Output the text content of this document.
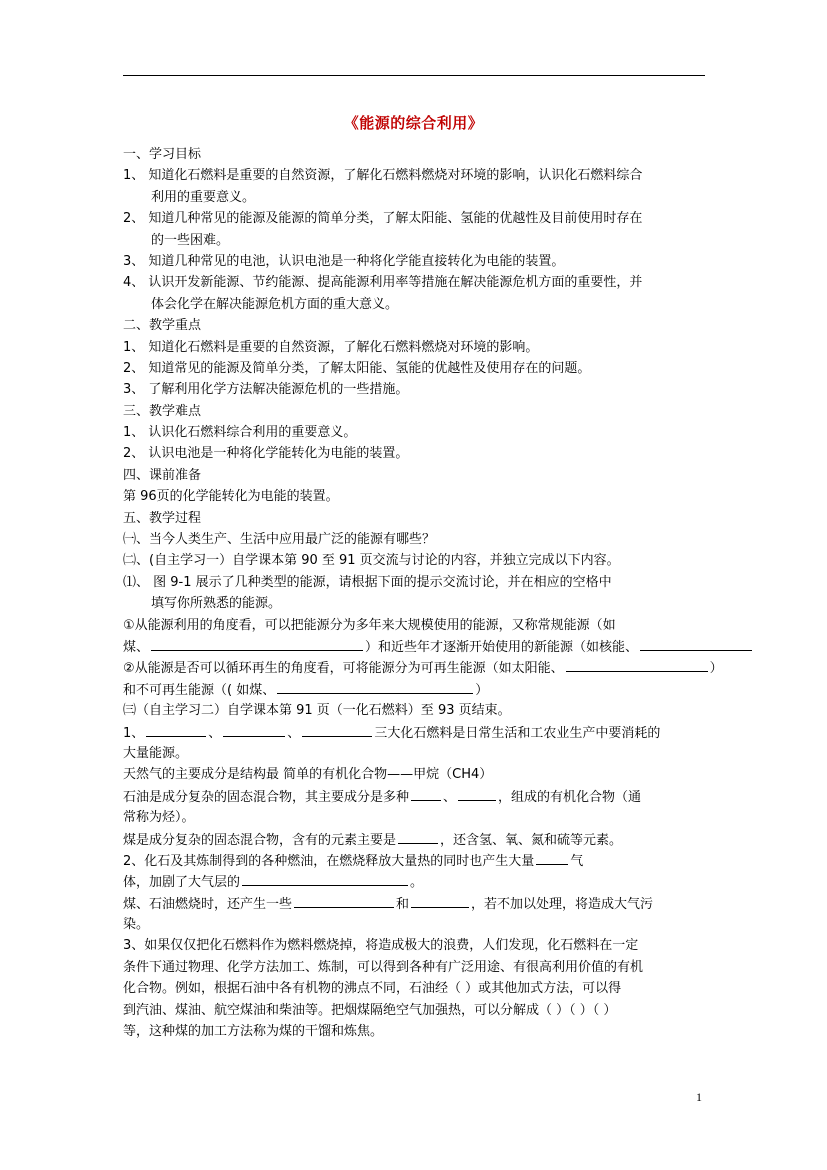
《能源的综合利用》
一、学习目标
1、 知道化石燃料是重要的自然资源，了解化石燃料燃烧对环境的影响，认识化石燃料综合
利用的重要意义。
2、 知道几种常见的能源及能源的简单分类，了解太阳能、氢能的优越性及目前使用时存在
的一些困难。
3、 知道几种常见的电池，认识电池是一种将化学能直接转化为电能的装置。
4、 认识开发新能源、节约能源、提高能源利用率等措施在解决能源危机方面的重要性，并
体会化学在解决能源危机方面的重大意义。
二、教学重点
1、 知道化石燃料是重要的自然资源，了解化石燃料燃烧对环境的影响。
2、 知道常见的能源及简单分类，了解太阳能、氢能的优越性及使用存在的问题。
3、 了解利用化学方法解决能源危机的一些措施。
三、教学难点
1、 认识化石燃料综合利用的重要意义。
2、 认识电池是一种将化学能转化为电能的装置。
四、课前准备
第 96页的化学能转化为电能的装置。
五、教学过程
㈠、当今人类生产、生活中应用最广泛的能源有哪些？
㈡、(自主学习一）自学课本第 90 至 91 页交流与讨论的内容，并独立完成以下内容。
⑴、 图 9-1 展示了几种类型的能源，请根据下面的提示交流讨论，并在相应的空格中
填写你所熟悉的能源。
①从能源利用的角度看，可以把能源分为多年来大规模使用的能源，又称常规能源（如
煤、	）和近些年才逐渐开始使用的新能源（如核能、
②从能源是否可以循环再生的角度看，可将能源分为可再生能源（如太阳能、	）
和不可再生能源（( 如煤、	）
㈢（自主学习二）自学课本第 91 页（一化石燃料）至 93 页结束。
1、	、	、	三大化石燃料是日常生活和工农业生产中要消耗的
大量能源。
天然气的主要成分是结构最 简单的有机化合物——甲烷（CH4）
石油是成分复杂的固态混合物，其主要成分是多种	、	，组成的有机化合物（通
常称为烃）。
煤是成分复杂的固态混合物，含有的元素主要是	，还含氢、氧、氮和硫等元素。
2、化石及其炼制得到的各种燃油，在燃烧释放大量热的同时也产生大量	气
体，加剧了大气层的	。
煤、石油燃烧时，还产生一些	和	，若不加以处理，将造成大气污
染。
3、如果仅仅把化石燃料作为燃料燃烧掉，将造成极大的浪费，人们发现，化石燃料在一定
条件下通过物理、化学方法加工、炼制，可以得到各种有广泛用途、有很高利用价值的有机
化合物。例如，根据石油中各有机物的沸点不同，石油经（ ）或其他加式方法，可以得
到汽油、煤油、航空煤油和柴油等。把烟煤隔绝空气加强热，可以分解成（ ）（ ）（ ）
等，这种煤的加工方法称为煤的干馏和炼焦。
1
